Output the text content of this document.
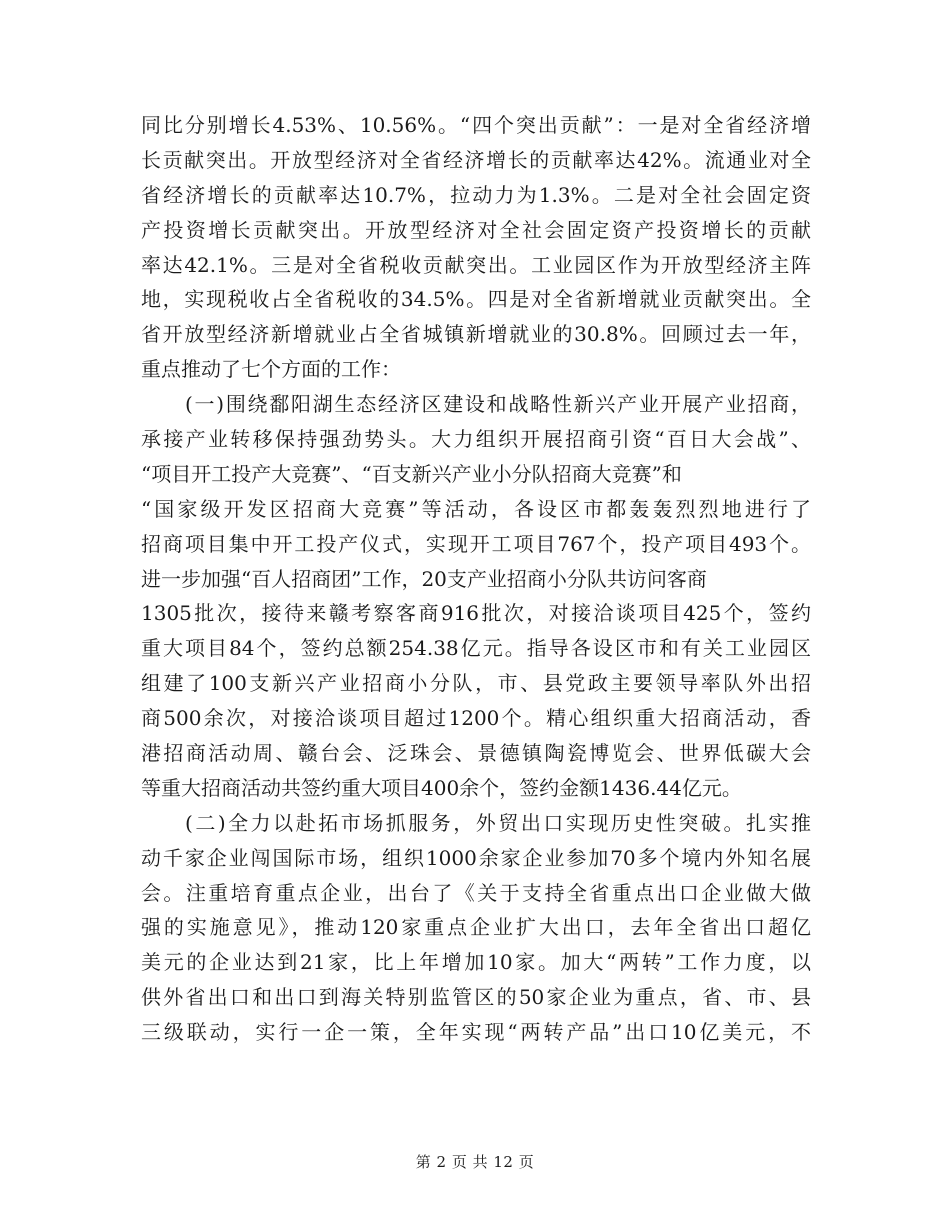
同比分别增长4.53%、10.56%。“四个突出贡献”：一是对全省经济增
长贡献突出。开放型经济对全省经济增长的贡献率达42%。流通业对全
省经济增长的贡献率达10.7%，拉动力为1.3%。二是对全社会固定资
产投资增长贡献突出。开放型经济对全社会固定资产投资增长的贡献
率达42.1%。三是对全省税收贡献突出。工业园区作为开放型经济主阵
地，实现税收占全省税收的34.5%。四是对全省新增就业贡献突出。全
省开放型经济新增就业占全省城镇新增就业的30.8%。回顾过去一年，
重点推动了七个方面的工作：
(一)围绕鄱阳湖生态经济区建设和战略性新兴产业开展产业招商，
承接产业转移保持强劲势头。大力组织开展招商引资“百日大会战”、
“项目开工投产大竞赛”、“百支新兴产业小分队招商大竞赛”和
“国家级开发区招商大竞赛”等活动，各设区市都轰轰烈烈地进行了
招商项目集中开工投产仪式，实现开工项目767个，投产项目493个。
进一步加强“百人招商团”工作，20支产业招商小分队共访问客商
1305批次，接待来赣考察客商916批次，对接洽谈项目425个，签约
重大项目84个，签约总额254.38亿元。指导各设区市和有关工业园区
组建了100支新兴产业招商小分队，市、县党政主要领导率队外出招
商500余次，对接洽谈项目超过1200个。精心组织重大招商活动，香
港招商活动周、赣台会、泛珠会、景德镇陶瓷博览会、世界低碳大会
等重大招商活动共签约重大项目400余个，签约金额1436.44亿元。
(二)全力以赴拓市场抓服务，外贸出口实现历史性突破。扎实推
动千家企业闯国际市场，组织1000余家企业参加70多个境内外知名展
会。注重培育重点企业，出台了《关于支持全省重点出口企业做大做
强的实施意见》，推动120家重点企业扩大出口，去年全省出口超亿
美元的企业达到21家，比上年增加10家。加大“两转”工作力度，以
供外省出口和出口到海关特别监管区的50家企业为重点，省、市、县
三级联动，实行一企一策，全年实现“两转产品”出口10亿美元，不
第 2 页 共 12 页
